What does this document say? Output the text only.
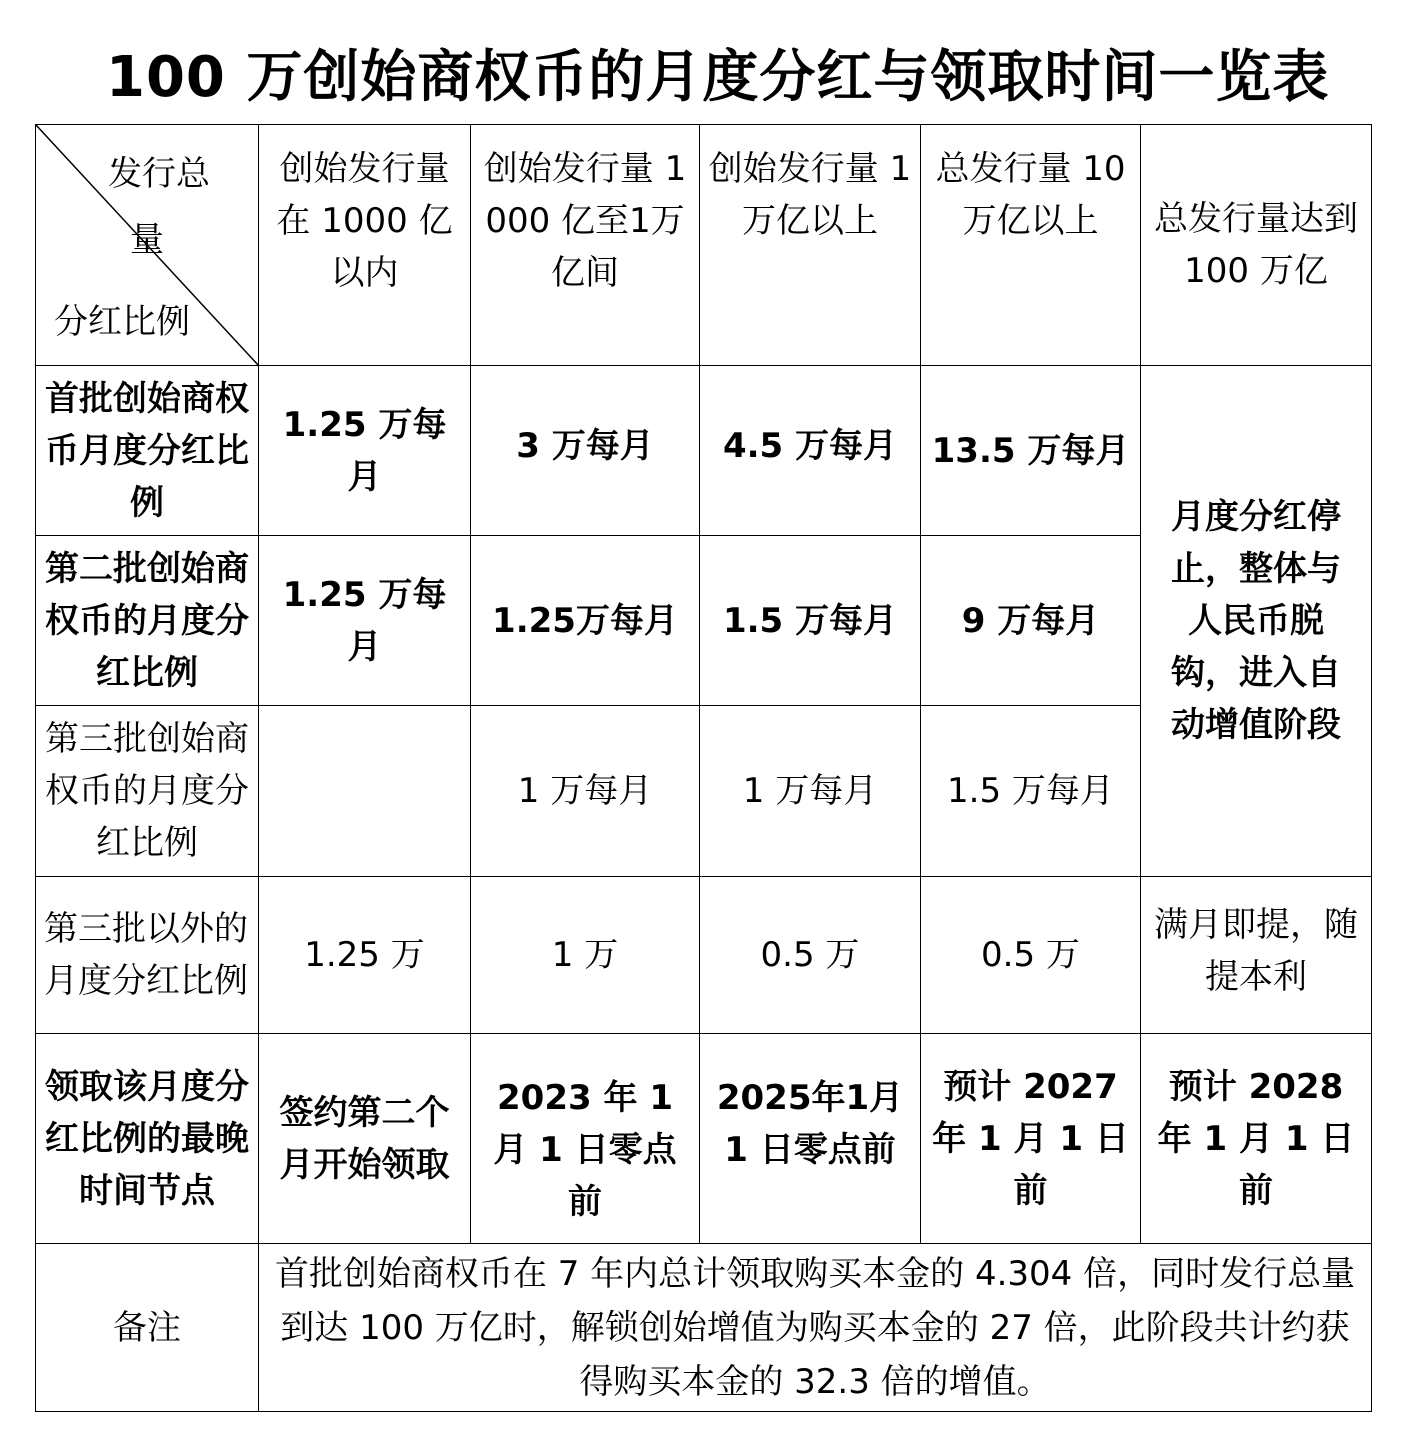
100 万创始商权币的月度分红与领取时间一览表
发行总
量
分红比例	创始发行量在 1000 亿以内	创始发行量 1000 亿至1万亿间	创始发行量 1 万亿以上	总发行量 10 万亿以上	总发行量达到100 万亿
首批创始商权币月度分红比例	1.25 万每月	3 万每月	4.5 万每月	13.5 万每月	月度分红停止，整体与人民币脱钩，进入自动增值阶段
第二批创始商权币的月度分红比例	1.25 万每月	1.25万每月	1.5 万每月	9 万每月	
第三批创始商权币的月度分红比例		1 万每月	1 万每月	1.5 万每月	
第三批以外的月度分红比例	1.25 万	1 万	0.5 万	0.5 万	满月即提，随提本利
领取该月度分红比例的最晚时间节点	签约第二个月开始领取	2023 年 1 月 1 日零点前	2025年1月 1 日零点前	预计 2027 年 1 月 1 日前	预计 2028 年 1 月 1 日前
备注	首批创始商权币在 7 年内总计领取购买本金的 4.304 倍，同时发行总量到达 100 万亿时，解锁创始增值为购买本金的 27 倍，此阶段共计约获得购买本金的 32.3 倍的增值。				
